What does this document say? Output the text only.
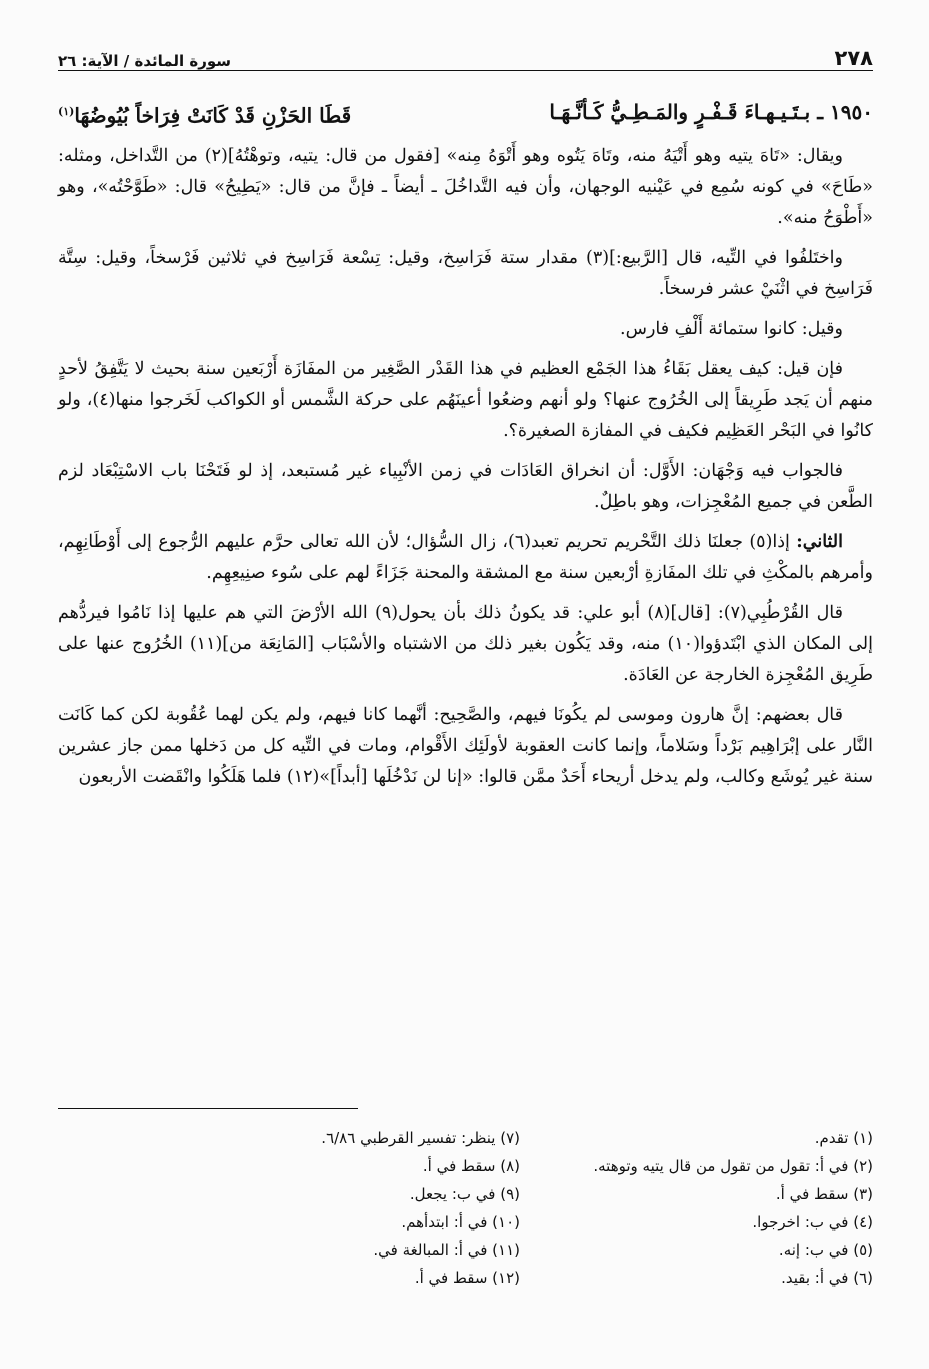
٢٧٨
سورة المائدة / الآية: ٢٦
١٩٥٠ ـ بـتَـيـهـاءَ قَـفْـرٍ والمَـطِـيُّ كَـأنَّـهَـا
قَطَا الحَزْنِ قَدْ كَانَتْ فِرَاخاً بُيُوضُهَا$^{(١)}$

ويقال: «تَاهَ يتيه وهو أَتْيَهُ منه، وتَاهَ يَتُوه وهو أَتْوَهُ مِنه» [فقول من قال: يتيه، وتوهْتُهُ](٢) من التَّداخل، ومثله: «طَاحَ» في كونه سُمِع في عَيْنيه الوجهان، وأن فيه التَّداخُلَ ـ أيضاً ـ فإنَّ من قال: «يَطِيحُ» قال: «طَوَّحْتُه»، وهو «أَطْوَحُ منه».

واختَلفُوا في التِّيه، قال [الرَّبيع:](٣) مقدار ستة فَرَاسِخ، وقيل: تِسْعة فَرَاسِخ في ثلاثين فَرْسخاً، وقيل: سِتَّة فَرَاسِخ في اثْنَيْ عشر فرسخاً.

وقيل: كانوا ستمائة أَلْفِ فارس.

فإن قيل: كيف يعقل بَقَاءُ هذا الجَمْع العظيم في هذا القَدْر الصَّغِير من المفَازَة أَرْبَعين سنة بحيث لا يَتَّفِقُ لأحدٍ منهم أن يَجد طَرِيقاً إلى الخُرُوج عنها؟ ولو أنهم وضعُوا أعينَهُم على حركة الشَّمس أو الكواكب لَخَرجوا منها(٤)، ولو كانُوا في البَحْر العَظِيم فكيف في المفازة الصغيرة؟.

فالجواب فيه وَجْهَان: الأَوَّل: أن انخراق العَادَات في زمن الأنْبِياء غير مُستبعد، إذ لو فَتَحْنَا باب الاسْتِبْعَاد لزم الطَّعن في جميع المُعْجِزات، وهو باطِلٌ.

الثاني: إذا(٥) جعلنَا ذلك التَّحْريم تحريم تعبد(٦)، زال السُّؤال؛ لأن الله تعالى حرَّم عليهم الرُّجوع إلى أَوْطَانِهِم، وأمرهم بالمكْثِ في تلك المفَازةِ أرْبعين سنة مع المشقة والمحنة جَزَاءً لهم على سُوء صنِيعِهِم.

قال القُرْطُبِي(٧): [قال](٨) أبو علي: قد يكونُ ذلك بأن يحول(٩) الله الأرْضَ التي هم عليها إذا نَامُوا فيردُّهم إلى المكان الذي ابْتَدؤوا(١٠) منه، وقد يَكُون بغير ذلك من الاشتباه والأسْبَاب [المَانِعَة من](١١) الخُرُوج عنها على طَرِيق المُعْجِزة الخارجة عن العَادَة.

قال بعضهم: إنَّ هارون وموسى لم يكُونَا فيهم، والصَّحِيح: أنَّهما كانا فيهم، ولم يكن لهما عُقُوبة لكن كما كَانَت النَّار على إبْرَاهِيم بَرْداً وسَلاماً، وإنما كانت العقوبة لأولَئِك الأَقْوام، ومات في التِّيه كل من دَخلها ممن جاز عشرين سنة غير يُوشَع وكالب، ولم يدخل أريحاء أَحَدٌ ممَّن قالوا: «إنا لن نَدْخُلَها [أبداً]»(١٢) فلما هَلَكُوا وانْقَضت الأربعون

(١) تقدم.
(٢) في أ: تقول من تقول من قال يتيه وتوهته.
(٣) سقط في أ.
(٤) في ب: اخرجوا.
(٥) في ب: إنه.
(٦) في أ: بقيد.
(٧) ينظر: تفسير القرطبي ٦/٨٦.
(٨) سقط في أ.
(٩) في ب: يجعل.
(١٠) في أ: ابتدأهم.
(١١) في أ: المبالغة في.
(١٢) سقط في أ.
